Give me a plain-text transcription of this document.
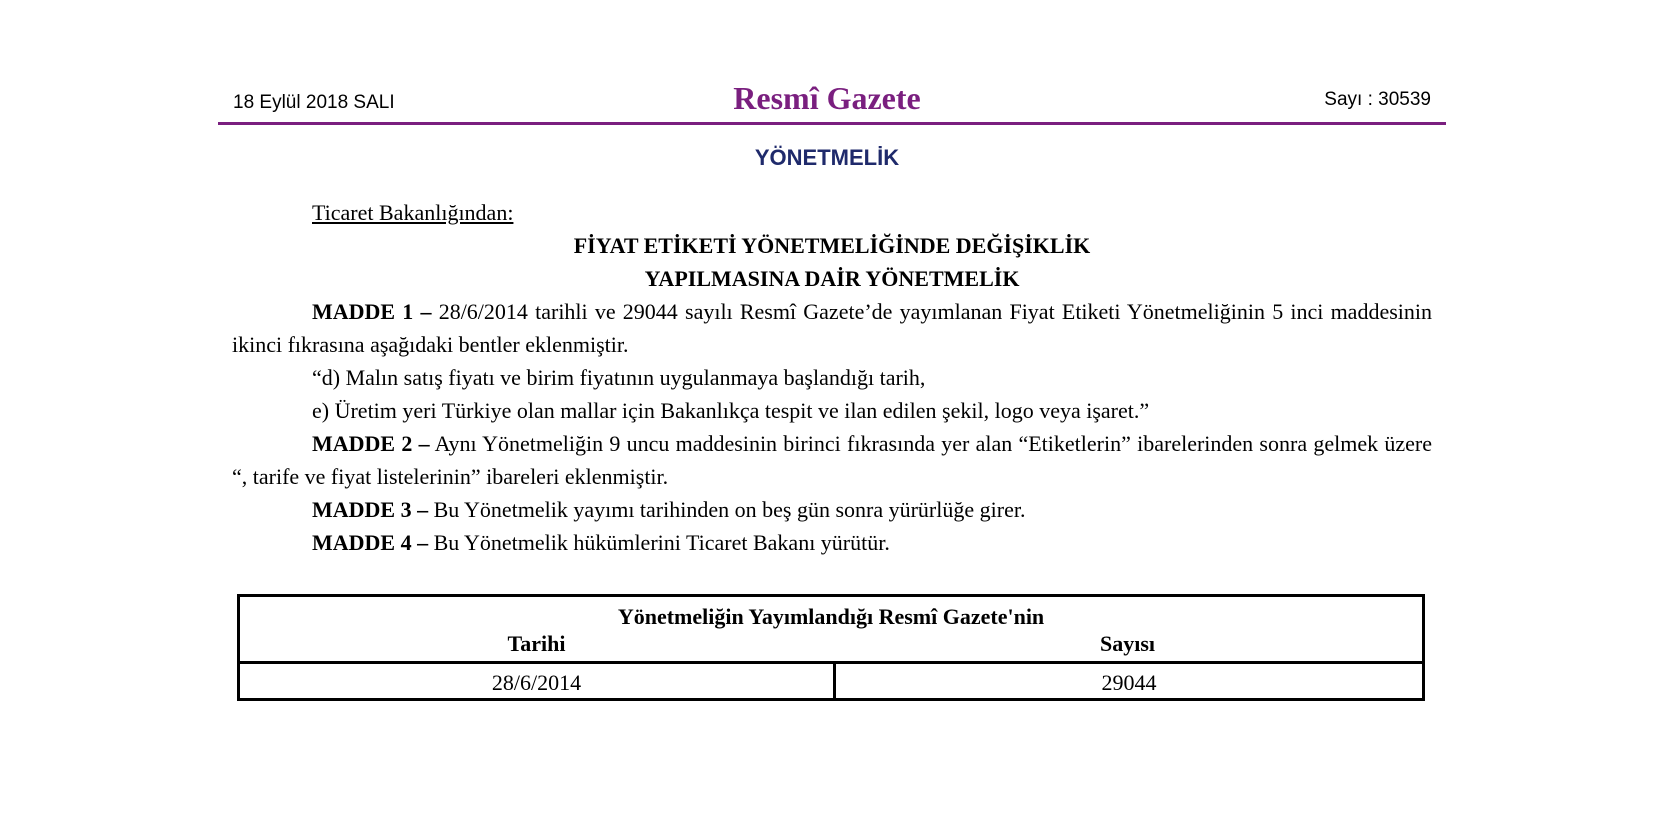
18 Eylül 2018 SALI	Resmî Gazete	Sayı : 30539
YÖNETMELİK

Ticaret Bakanlığından:

FİYAT ETİKETİ YÖNETMELİĞİNDE DEĞİŞİKLİK

YAPILMASINA DAİR YÖNETMELİK

MADDE 1 – 28/6/2014 tarihli ve 29044 sayılı Resmî Gazete’de yayımlanan Fiyat Etiketi Yönetmeliğinin 5 inci maddesinin ikinci fıkrasına aşağıdaki bentler eklenmiştir.

“d) Malın satış fiyatı ve birim fiyatının uygulanmaya başlandığı tarih,

e) Üretim yeri Türkiye olan mallar için Bakanlıkça tespit ve ilan edilen şekil, logo veya işaret.”

MADDE 2 – Aynı Yönetmeliğin 9 uncu maddesinin birinci fıkrasında yer alan “Etiketlerin” ibarelerinden sonra gelmek üzere “, tarife ve fiyat listelerinin” ibareleri eklenmiştir.

MADDE 3 – Bu Yönetmelik yayımı tarihinden on beş gün sonra yürürlüğe girer.

MADDE 4 – Bu Yönetmelik hükümlerini Ticaret Bakanı yürütür.

Yönetmeliğin Yayımlandığı Resmî Gazete'nin
Tarihi	Sayısı
28/6/2014	29044
